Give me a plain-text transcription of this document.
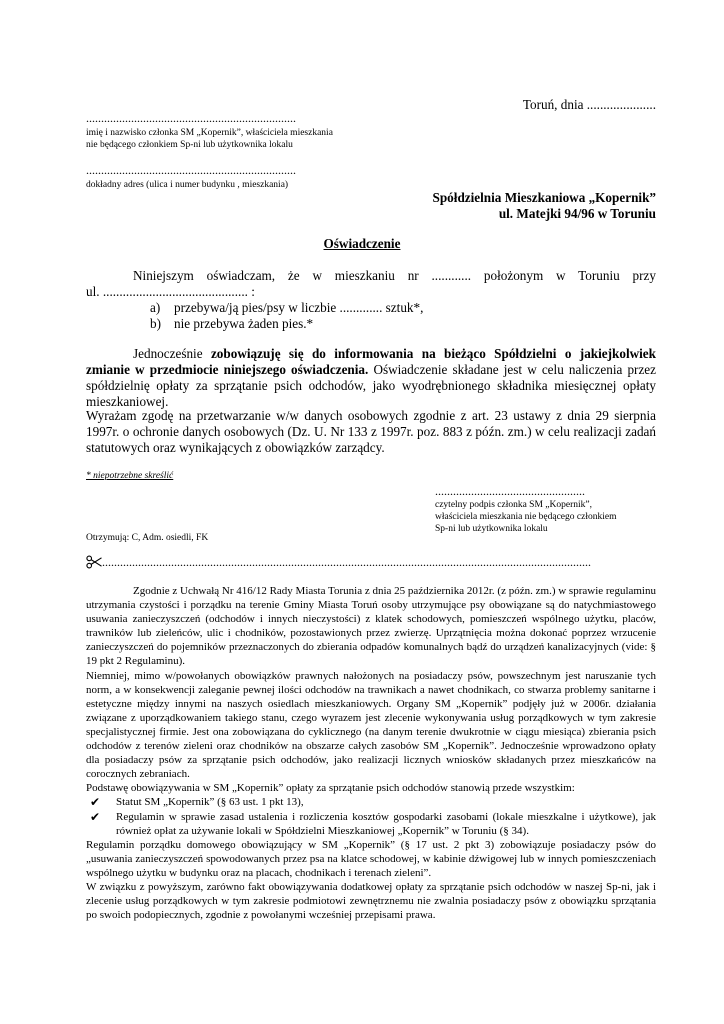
Toruń, dnia .....................
......................................................................
imię i nazwisko członka SM „Kopernik”, właściciela mieszkania
nie będącego członkiem Sp-ni lub użytkownika lokalu
......................................................................
dokładny adres (ulica i numer budynku , mieszkania)
Spółdzielnia Mieszkaniowa „Kopernik”
ul. Matejki 94/96 w Toruniu
Oświadczenie
Niniejszym oświadczam, że w mieszkaniu nr ............ położonym w Toruniu przy
ul. ............................................ :
a) przebywa/ją pies/psy w liczbie ............. sztuk*,
b) nie przebywa żaden pies.*
Jednocześnie zobowiązuję się do informowania na bieżąco Spółdzielni o jakiejkolwiek zmianie w przedmiocie niniejszego oświadczenia. Oświadczenie składane jest w celu naliczenia przez spółdzielnię opłaty za sprzątanie psich odchodów, jako wyodrębnionego składnika miesięcznej opłaty mieszkaniowej.
Wyrażam zgodę na przetwarzanie w/w danych osobowych zgodnie z art. 23 ustawy z dnia 29 sierpnia 1997r. o ochronie danych osobowych (Dz. U. Nr 133 z 1997r. poz. 883 z późn. zm.) w celu realizacji zadań statutowych oraz wynikających z obowiązków zarządcy.
* niepotrzebne skreślić
..................................................
czytelny podpis członka SM „Kopernik”,
właściciela mieszkania nie będącego członkiem
Sp-ni lub użytkownika lokalu
Otrzymują: C, Adm. osiedli, FK
...................................................................................................................................................................
Zgodnie z Uchwałą Nr 416/12 Rady Miasta Torunia z dnia 25 października 2012r. (z późn. zm.) w sprawie regulaminu utrzymania czystości i porządku na terenie Gminy Miasta Toruń osoby utrzymujące psy obowiązane są do natychmiastowego usuwania zanieczyszczeń (odchodów i innych nieczystości) z klatek schodowych, pomieszczeń wspólnego użytku, placów, trawników lub zieleńców, ulic i chodników, pozostawionych przez zwierzę. Uprzątnięcia można dokonać poprzez wrzucenie zanieczyszczeń do pojemników przeznaczonych do zbierania odpadów komunalnych bądź do urządzeń kanalizacyjnych (vide: § 19 pkt 2 Regulaminu).
Niemniej, mimo w/powołanych obowiązków prawnych nałożonych na posiadaczy psów, powszechnym jest naruszanie tych norm, a w konsekwencji zaleganie pewnej ilości odchodów na trawnikach a nawet chodnikach, co stwarza problemy sanitarne i estetyczne między innymi na naszych osiedlach mieszkaniowych. Organy SM „Kopernik” podjęły już w 2006r. działania związane z uporządkowaniem takiego stanu, czego wyrazem jest zlecenie wykonywania usług porządkowych w tym zakresie specjalistycznej firmie. Jest ona zobowiązana do cyklicznego (na danym terenie dwukrotnie w ciągu miesiąca) zbierania psich odchodów z terenów zieleni oraz chodników na obszarze całych zasobów SM „Kopernik”. Jednocześnie wprowadzono opłaty dla posiadaczy psów za sprzątanie psich odchodów, jako realizacji licznych wniosków składanych przez mieszkańców na corocznych zebraniach.
Podstawę obowiązywania w SM „Kopernik” opłaty za sprzątanie psich odchodów stanowią przede wszystkim:
✔ Statut SM „Kopernik” (§ 63 ust. 1 pkt 13),
✔ Regulamin w sprawie zasad ustalenia i rozliczenia kosztów gospodarki zasobami (lokale mieszkalne i użytkowe), jak również opłat za używanie lokali w Spółdzielni Mieszkaniowej „Kopernik” w Toruniu (§ 34).
Regulamin porządku domowego obowiązujący w SM „Kopernik” (§ 17 ust. 2 pkt 3) zobowiązuje posiadaczy psów do „usuwania zanieczyszczeń spowodowanych przez psa na klatce schodowej, w kabinie dźwigowej lub w innych pomieszczeniach wspólnego użytku w budynku oraz na placach, chodnikach i terenach zieleni”.
W związku z powyższym, zarówno fakt obowiązywania dodatkowej opłaty za sprzątanie psich odchodów w naszej Sp-ni, jak i zlecenie usług porządkowych w tym zakresie podmiotowi zewnętrznemu nie zwalnia posiadaczy psów z obowiązku sprzątania po swoich podopiecznych, zgodnie z powołanymi wcześniej przepisami prawa.
